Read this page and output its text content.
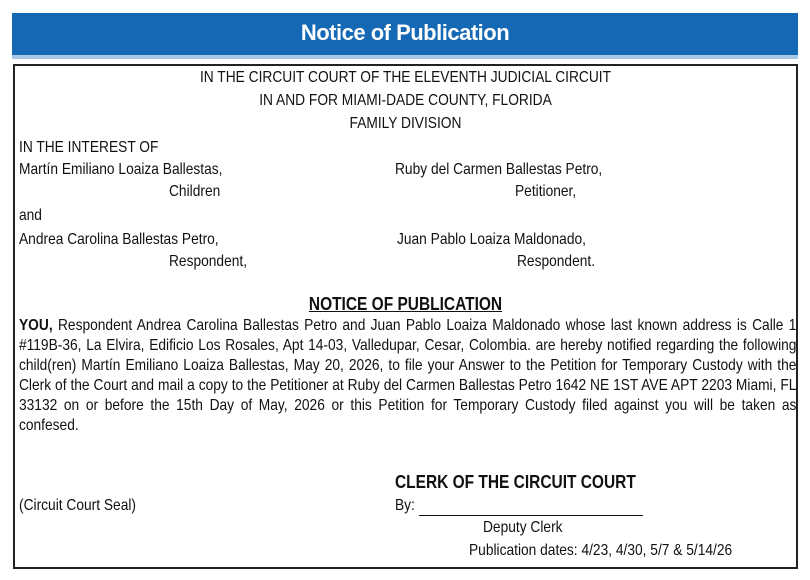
Notice of Publication
IN THE CIRCUIT COURT OF THE ELEVENTH JUDICIAL CIRCUIT
IN AND FOR MIAMI-DADE COUNTY, FLORIDA
FAMILY DIVISION
IN THE INTEREST OF
Martín Emiliano Loaiza Ballestas,
Children
Ruby del Carmen Ballestas Petro,
Petitioner,
and
Andrea Carolina Ballestas Petro,
Respondent,
Juan Pablo Loaiza Maldonado,
Respondent.
NOTICE OF PUBLICATION
YOU, Respondent Andrea Carolina Ballestas Petro and Juan Pablo Loaiza Maldonado whose last known address is Calle 1 #119B-36, La Elvira, Edificio Los Rosales, Apt 14-03, Valledupar, Cesar, Colombia. are hereby notified regarding the following child(ren) Martín Emiliano Loaiza Ballestas, May 20, 2026, to file your Answer to the Petition for Temporary Custody with the Clerk of the Court and mail a copy to the Petitioner at Ruby del Carmen Ballestas Petro 1642 NE 1ST AVE APT 2203 Miami, FL 33132 on or before the 15th Day of May, 2026 or this Petition for Temporary Custody filed against you will be taken as confesed.
CLERK OF THE CIRCUIT COURT
(Circuit Court Seal)	By:
Deputy Clerk
Publication dates: 4/23, 4/30, 5/7 & 5/14/26
